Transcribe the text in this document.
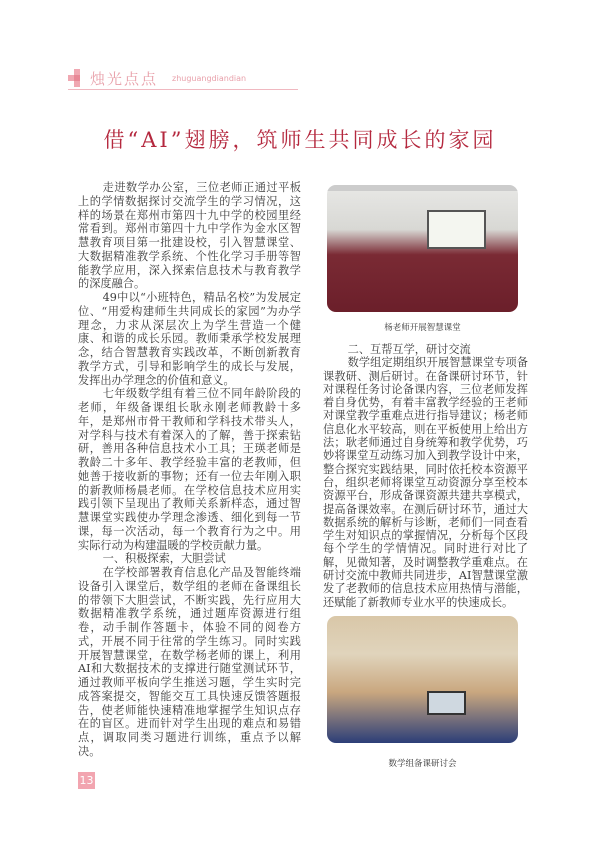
烛光点点 zhuguangdiandian
借“AI”翅膀，筑师生共同成长的家园

走进数学办公室，三位老师正通过平板上的学情数据探讨交流学生的学习情况，这样的场景在郑州市第四十九中学的校园里经常看到。郑州市第四十九中学作为金水区智慧教育项目第一批建设校，引入智慧课堂、大数据精准教学系统、个性化学习手册等智能教学应用，深入探索信息技术与教育教学的深度融合。

49中以“小班特色，精品名校”为发展定位、“用爱构建师生共同成长的家园”为办学理念，力求从深层次上为学生营造一个健康、和谐的成长乐园。教师秉承学校发展理念，结合智慧教育实践改革，不断创新教育教学方式，引导和影响学生的成长与发展，发挥出办学理念的价值和意义。

七年级数学组有着三位不同年龄阶段的老师，年级备课组长耿永刚老师教龄十多年，是郑州市骨干教师和学科技术带头人，对学科与技术有着深入的了解，善于探索钻研，善用各种信息技术小工具；王瑛老师是教龄二十多年、教学经验丰富的老教师，但她善于接收新的事物；还有一位去年刚入职的新教师杨晨老师。在学校信息技术应用实践引领下呈现出了教师关系新样态，通过智慧课堂实践使办学理念渗透、细化到每一节课，每一次活动，每一个教育行为之中。用实际行动为构建温暖的学校贡献力量。

一、积极探索，大胆尝试

在学校部署教育信息化产品及智能终端设备引入课堂后，数学组的老师在备课组长的带领下大胆尝试，不断实践，先行应用大数据精准教学系统，通过题库资源进行组卷，动手制作答题卡，体验不同的阅卷方式，开展不同于往常的学生练习。同时实践开展智慧课堂，在数学杨老师的课上，利用AI和大数据技术的支撑进行随堂测试环节，通过教师平板向学生推送习题，学生实时完成答案提交，智能交互工具快速反馈答题报告，使老师能快速精准地掌握学生知识点存在的盲区。进而针对学生出现的难点和易错点，调取同类习题进行训练，重点予以解决。

杨老师开展智慧课堂

二、互帮互学，研讨交流

数学组定期组织开展智慧课堂专项备课教研、测后研讨。在备课研讨环节，针对课程任务讨论备课内容，三位老师发挥着自身优势，有着丰富教学经验的王老师对课堂教学重难点进行指导建议；杨老师信息化水平较高，则在平板使用上给出方法；耿老师通过自身统筹和教学优势，巧妙将课堂互动练习加入到教学设计中来，整合探究实践结果，同时依托校本资源平台，组织老师将课堂互动资源分享至校本资源平台，形成备课资源共建共享模式，提高备课效率。在测后研讨环节，通过大数据系统的解析与诊断，老师们一同查看学生对知识点的掌握情况，分析每个区段每个学生的学情情况。同时进行对比了解，见微知著，及时调整教学重难点。在研讨交流中教师共同进步，AI智慧课堂激发了老教师的信息技术应用热情与潜能，还赋能了新教师专业水平的快速成长。

数学组备课研讨会
13
